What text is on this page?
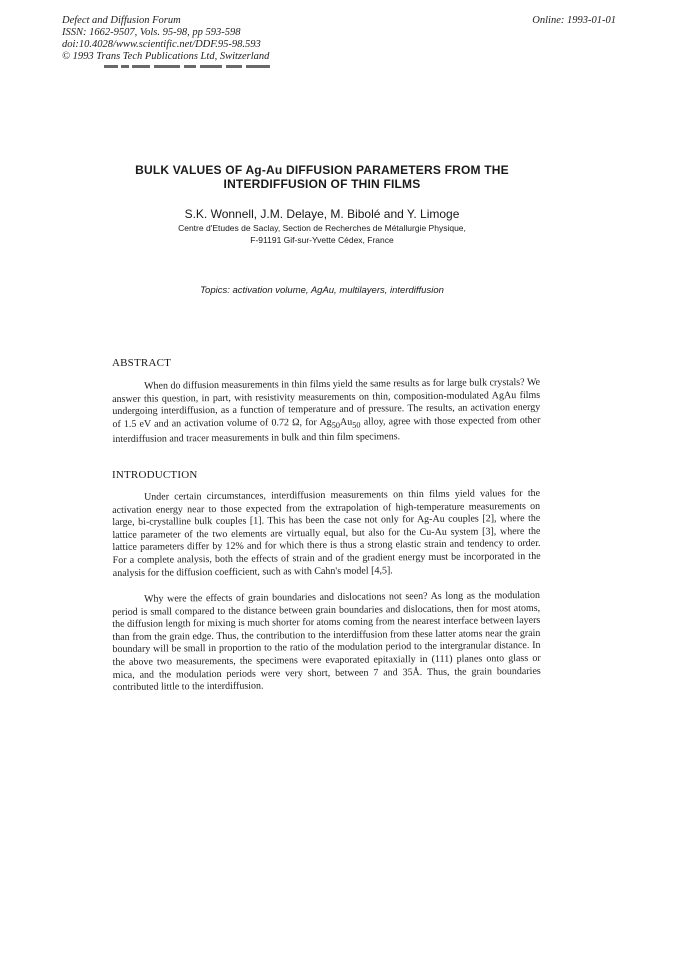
Defect and Diffusion Forum
ISSN: 1662-9507, Vols. 95-98, pp 593-598
doi:10.4028/www.scientific.net/DDF.95-98.593
© 1993 Trans Tech Publications Ltd, Switzerland
Online: 1993-01-01
BULK VALUES OF Ag-Au DIFFUSION PARAMETERS FROM THE
INTERDIFFUSION OF THIN FILMS
S.K. Wonnell, J.M. Delaye, M. Bibolé and Y. Limoge
Centre d'Etudes de Saclay, Section de Recherches de Métallurgie Physique,
F-91191 Gif-sur-Yvette Cédex, France
Topics: activation volume, AgAu, multilayers, interdiffusion
ABSTRACT

When do diffusion measurements in thin films yield the same results as for large bulk crystals? We answer this question, in part, with resistivity measurements on thin, composition-modulated AgAu films undergoing interdiffusion, as a function of temperature and of pressure. The results, an activation energy of 1.5 eV and an activation volume of 0.72 Ω, for $Ag_{50}Au_{50}$ alloy, agree with those expected from other interdiffusion and tracer measurements in bulk and thin film specimens.

INTRODUCTION

Under certain circumstances, interdiffusion measurements on thin films yield values for the activation energy near to those expected from the extrapolation of high-temperature measurements on large, bi-crystalline bulk couples [1]. This has been the case not only for Ag-Au couples [2], where the lattice parameter of the two elements are virtually equal, but also for the Cu-Au system [3], where the lattice parameters differ by 12% and for which there is thus a strong elastic strain and tendency to order. For a complete analysis, both the effects of strain and of the gradient energy must be incorporated in the analysis for the diffusion coefficient, such as with Cahn's model [4,5].

Why were the effects of grain boundaries and dislocations not seen? As long as the modulation period is small compared to the distance between grain boundaries and dislocations, then for most atoms, the diffusion length for mixing is much shorter for atoms coming from the nearest interface between layers than from the grain edge. Thus, the contribution to the interdiffusion from these latter atoms near the grain boundary will be small in proportion to the ratio of the modulation period to the intergranular distance. In the above two measurements, the specimens were evaporated epitaxially in (111) planes onto glass or mica, and the modulation periods were very short, between 7 and 35Å. Thus, the grain boundaries contributed little to the interdiffusion.
